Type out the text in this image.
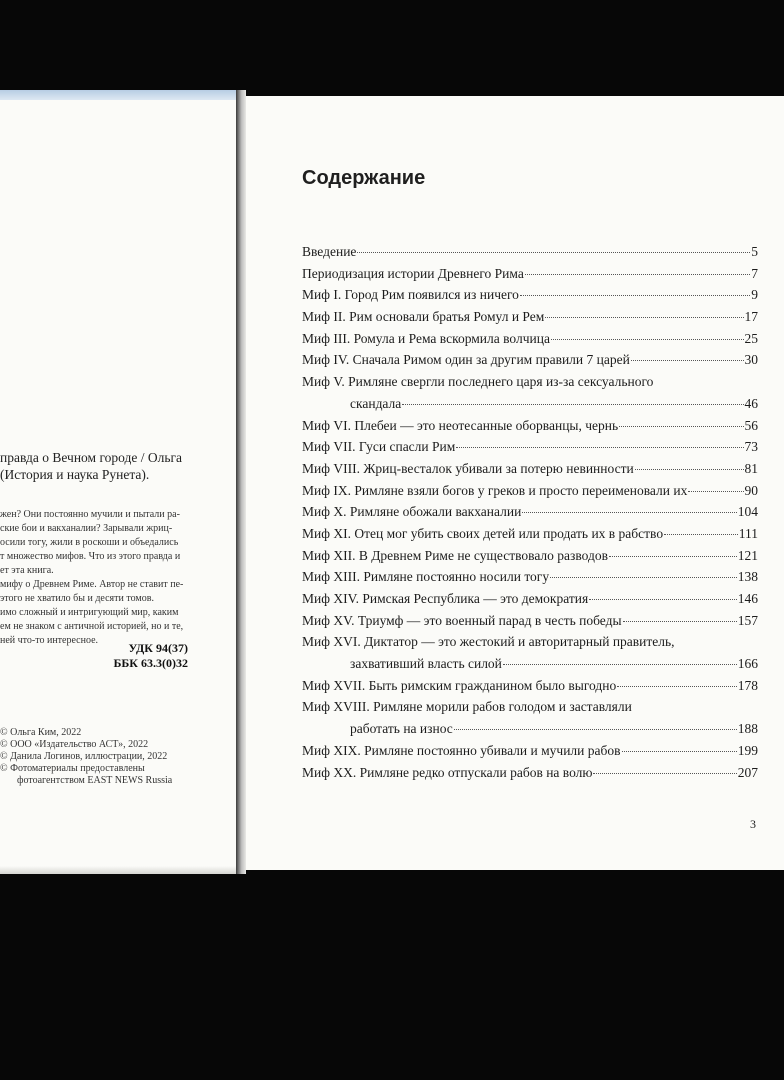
правда о Вечном городе / Ольга
(История и наука Рунета).
жен? Они постоянно мучили и пытали ра-
ские бои и вакханалии? Зарывали жриц-
осили тогу, жили в роскоши и объедались
т множество мифов. Что из этого правда и
ет эта книга.
мифу о Древнем Риме. Автор не ставит пе-
этого не хватило бы и десяти томов.
имо сложный и интригующий мир, каким
ем не знаком с античной историей, но и те,
ней что-то интересное.
УДК 94(37)
ББК 63.3(0)32
© Ольга Ким, 2022
© ООО «Издательство АСТ», 2022
© Данила Логинов, иллюстрации, 2022
© Фотоматериалы предоставлены
фотоагентством EAST NEWS Russia
Содержание
Введение	5
Периодизация истории Древнего Рима	7
Миф I. Город Рим появился из ничего	9
Миф II. Рим основали братья Ромул и Рем	17
Миф III. Ромула и Рема вскормила волчица	25
Миф IV. Сначала Римом один за другим правили 7 царей	30
Миф V. Римляне свергли последнего царя из-за сексуального
скандала	46
Миф VI. Плебеи — это неотесанные оборванцы, чернь	56
Миф VII. Гуси спасли Рим	73
Миф VIII. Жриц-весталок убивали за потерю невинности	81
Миф IX. Римляне взяли богов у греков и просто переименовали их	90
Миф X. Римляне обожали вакханалии	104
Миф XI. Отец мог убить своих детей или продать их в рабство	111
Миф XII. В Древнем Риме не существовало разводов	121
Миф XIII. Римляне постоянно носили тогу	138
Миф XIV. Римская Республика — это демократия	146
Миф XV. Триумф — это военный парад в честь победы	157
Миф XVI. Диктатор — это жестокий и авторитарный правитель,
захвативший власть силой	166
Миф XVII. Быть римским гражданином было выгодно	178
Миф XVIII. Римляне морили рабов голодом и заставляли
работать на износ	188
Миф XIX. Римляне постоянно убивали и мучили рабов	199
Миф XX. Римляне редко отпускали рабов на волю	207
3
